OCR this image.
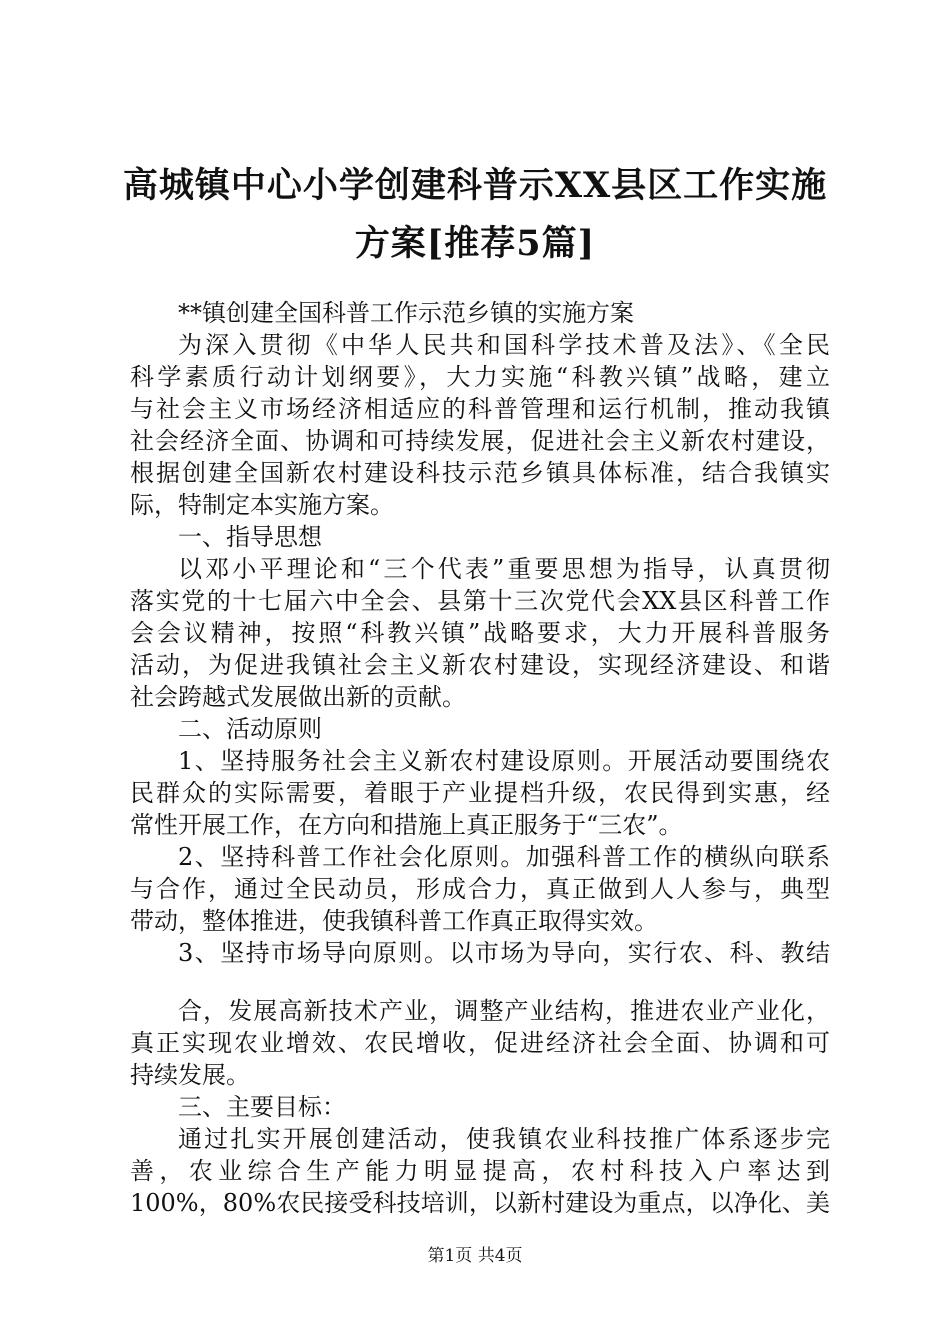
高城镇中心小学创建科普示XX县区工作实施
方案[推荐5篇]
**镇创建全国科普工作示范乡镇的实施方案
为深入贯彻《中华人民共和国科学技术普及法》、《全民
科学素质行动计划纲要》，大力实施“科教兴镇”战略，建立
与社会主义市场经济相适应的科普管理和运行机制，推动我镇
社会经济全面、协调和可持续发展，促进社会主义新农村建设，
根据创建全国新农村建设科技示范乡镇具体标准，结合我镇实
际，特制定本实施方案。
一、指导思想
以邓小平理论和“三个代表”重要思想为指导，认真贯彻
落实党的十七届六中全会、县第十三次党代会XX县区科普工作
会会议精神，按照“科教兴镇”战略要求，大力开展科普服务
活动，为促进我镇社会主义新农村建设，实现经济建设、和谐
社会跨越式发展做出新的贡献。
二、活动原则
1、坚持服务社会主义新农村建设原则。开展活动要围绕农
民群众的实际需要，着眼于产业提档升级，农民得到实惠，经
常性开展工作，在方向和措施上真正服务于“三农”。
2、坚持科普工作社会化原则。加强科普工作的横纵向联系
与合作，通过全民动员，形成合力，真正做到人人参与，典型
带动，整体推进，使我镇科普工作真正取得实效。
3、坚持市场导向原则。以市场为导向，实行农、科、教结
合，发展高新技术产业，调整产业结构，推进农业产业化，
真正实现农业增效、农民增收，促进经济社会全面、协调和可
持续发展。
三、主要目标：
通过扎实开展创建活动，使我镇农业科技推广体系逐步完
善，农业综合生产能力明显提高，农村科技入户率达到
100%，80%农民接受科技培训，以新村建设为重点，以净化、美
第1页 共4页
